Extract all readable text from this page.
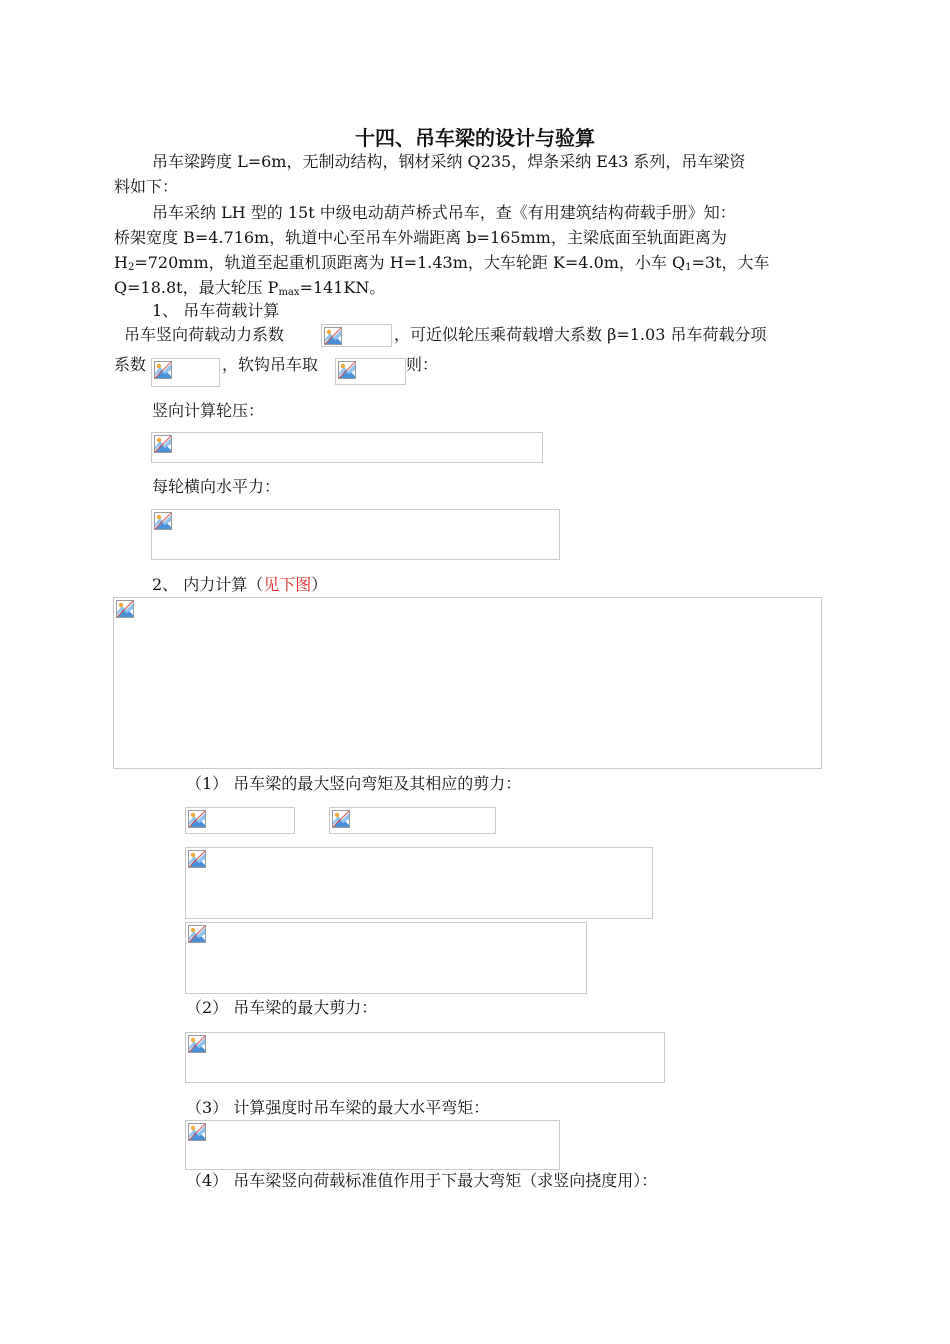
十四、吊车梁的设计与验算
吊车梁跨度 L=6m，无制动结构，钢材采纳 Q235，焊条采纳 E43 系列，吊车梁资
料如下：
吊车采纳 LH 型的 15t 中级电动葫芦桥式吊车，查《有用建筑结构荷载手册》知：
桥架宽度 B=4.716m，轨道中心至吊车外端距离 b=165mm，主梁底面至轨面距离为
$H_2=720mm$，轨道至起重机顶距离为 H=1.43m，大车轮距 K=4.0m，小车 $Q_1=3t$，大车
Q=18.8t，最大轮压 $P_{max}=141KN$。
1、 吊车荷载计算
吊车竖向荷载动力系数	，可近似轮压乘荷载增大系数 β=1.03 吊车荷载分项
系数	，软钩吊车取	则：
竖向计算轮压：
每轮横向水平力：
2、 内力计算（见下图）
（1） 吊车梁的最大竖向弯矩及其相应的剪力：
（2） 吊车梁的最大剪力：
（3） 计算强度时吊车梁的最大水平弯矩：
（4） 吊车梁竖向荷载标准值作用于下最大弯矩（求竖向挠度用）：
